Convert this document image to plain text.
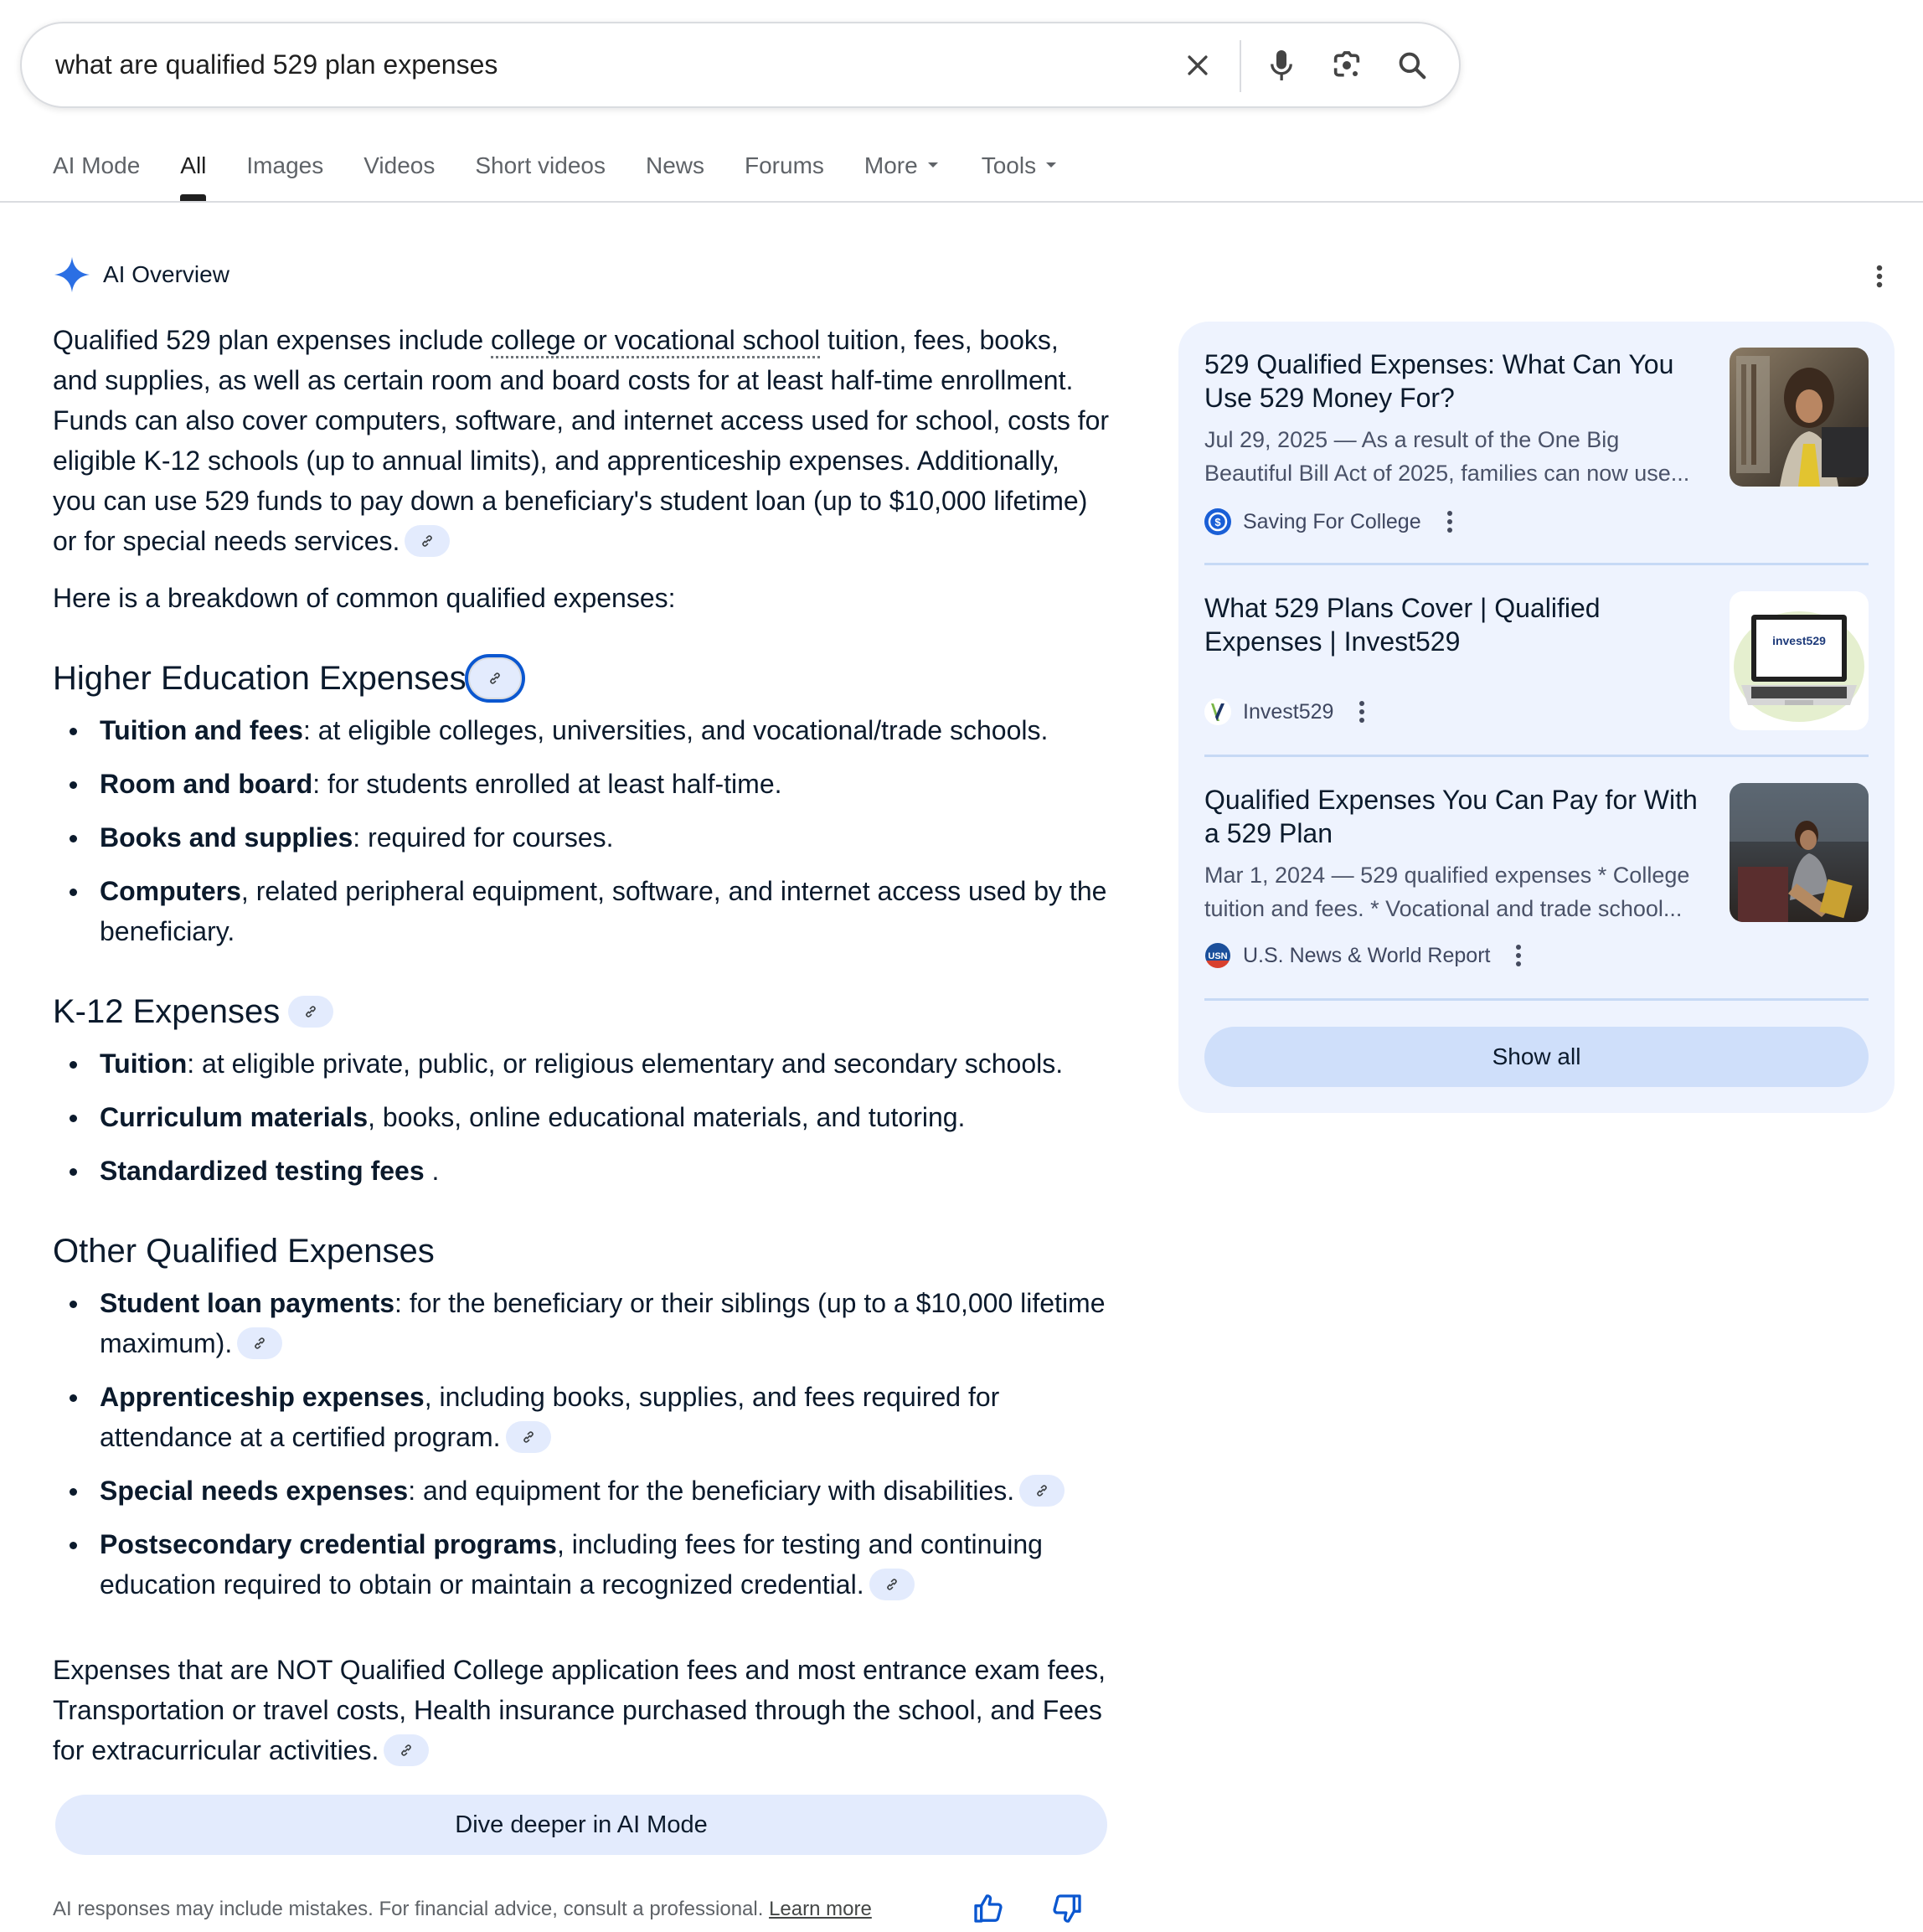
what are qualified 529 plan expenses
AI Mode All Images Videos Short videos News Forums More	Tools
AI Overview

Qualified 529 plan expenses include college or vocational school tuition, fees, books, and supplies, as well as certain room and board costs for at least half-time enrollment. Funds can also cover computers, software, and internet access used for school, costs for eligible K-12 schools (up to annual limits), and apprenticeship expenses. Additionally, you can use 529 funds to pay down a beneficiary's student loan (up to $10,000 lifetime) or for special needs services.

Here is a breakdown of common qualified expenses:

Higher Education Expenses
Tuition and fees: at eligible colleges, universities, and vocational/trade schools.
Room and board: for students enrolled at least half-time.
Books and supplies: required for courses.
Computers, related peripheral equipment, software, and internet access used by the beneficiary.
K-12 Expenses
Tuition: at eligible private, public, or religious elementary and secondary schools.
Curriculum materials, books, online educational materials, and tutoring.
Standardized testing fees .
Other Qualified Expenses
Student loan payments: for the beneficiary or their siblings (up to a $10,000 lifetime maximum).
Apprenticeship expenses, including books, supplies, and fees required for attendance at a certified program.
Special needs expenses: and equipment for the beneficiary with disabilities.
Postsecondary credential programs, including fees for testing and continuing education required to obtain or maintain a recognized credential.

Expenses that are NOT Qualified College application fees and most entrance exam fees, Transportation or travel costs, Health insurance purchased through the school, and Fees for extracurricular activities.

Dive deeper in AI Mode
AI responses may include mistakes. For financial advice, consult a professional. Learn more
529 Qualified Expenses: What Can You Use 529 Money For?
Jul 29, 2025 — As a result of the One Big Beautiful Bill Act of 2025, families can now use...
$ Saving For College
What 529 Plans Cover | Qualified Expenses | Invest529	invest529
Invest529
Qualified Expenses You Can Pay for With a 529 Plan
Mar 1, 2024 — 529 qualified expenses * College tuition and fees. * Vocational and trade school...
USN U.S. News & World Report
Show all
